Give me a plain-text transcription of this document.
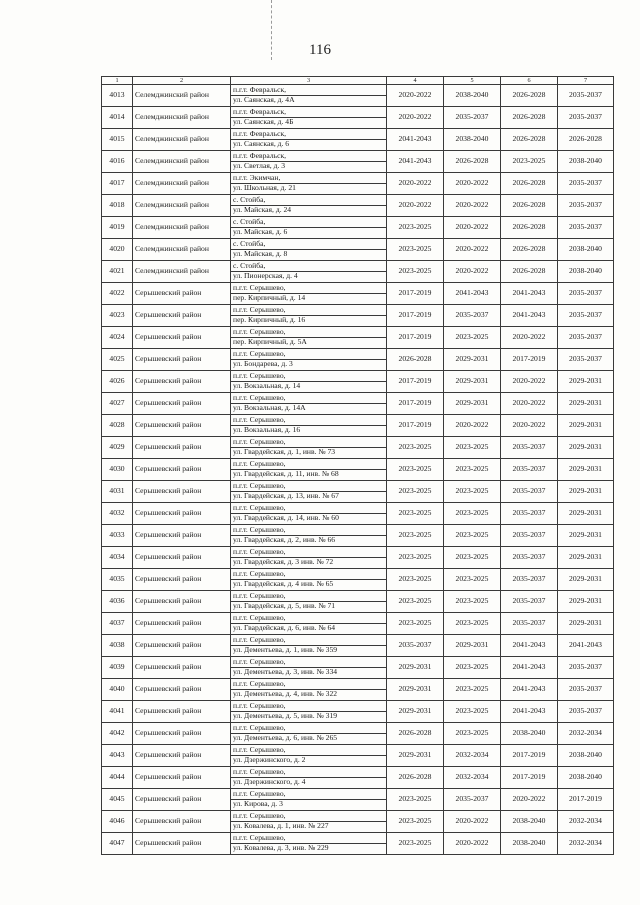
116
1	2	3	4	5	6	7
4013	Селемджинский район	п.г.т. Февральск,
ул. Саянская, д. 4А	2020-2022	2038-2040	2026-2028	2035-2037
4014	Селемджинский район	п.г.т. Февральск,
ул. Саянская, д. 4Б	2020-2022	2035-2037	2026-2028	2035-2037
4015	Селемджинский район	п.г.т. Февральск,
ул. Саянская, д. 6	2041-2043	2038-2040	2026-2028	2026-2028
4016	Селемджинский район	п.г.т. Февральск,
ул. Светлая, д. 3	2041-2043	2026-2028	2023-2025	2038-2040
4017	Селемджинский район	п.г.т. Экимчан,
ул. Школьная, д. 21	2020-2022	2020-2022	2026-2028	2035-2037
4018	Селемджинский район	с. Стойба,
ул. Майская, д. 24	2020-2022	2020-2022	2026-2028	2035-2037
4019	Селемджинский район	с. Стойба,
ул. Майская, д. 6	2023-2025	2020-2022	2026-2028	2035-2037
4020	Селемджинский район	с. Стойба,
ул. Майская, д. 8	2023-2025	2020-2022	2026-2028	2038-2040
4021	Селемджинский район	с. Стойба,
ул. Пионерская, д. 4	2023-2025	2020-2022	2026-2028	2038-2040
4022	Серышевский район	п.г.т. Серышево,
пер. Кирпичный, д. 14	2017-2019	2041-2043	2041-2043	2035-2037
4023	Серышевский район	п.г.т. Серышево,
пер. Кирпичный, д. 16	2017-2019	2035-2037	2041-2043	2035-2037
4024	Серышевский район	п.г.т. Серышево,
пер. Кирпичный, д. 5А	2017-2019	2023-2025	2020-2022	2035-2037
4025	Серышевский район	п.г.т. Серышево,
ул. Бондарева, д. 3	2026-2028	2029-2031	2017-2019	2035-2037
4026	Серышевский район	п.г.т. Серышево,
ул. Вокзальная, д. 14	2017-2019	2029-2031	2020-2022	2029-2031
4027	Серышевский район	п.г.т. Серышево,
ул. Вокзальная, д. 14А	2017-2019	2029-2031	2020-2022	2029-2031
4028	Серышевский район	п.г.т. Серышево,
ул. Вокзальная, д. 16	2017-2019	2020-2022	2020-2022	2029-2031
4029	Серышевский район	п.г.т. Серышево,
ул. Гвардейская, д. 1, инв. № 73	2023-2025	2023-2025	2035-2037	2029-2031
4030	Серышевский район	п.г.т. Серышево,
ул. Гвардейская, д. 11, инв. № 68	2023-2025	2023-2025	2035-2037	2029-2031
4031	Серышевский район	п.г.т. Серышево,
ул. Гвардейская, д. 13, инв. № 67	2023-2025	2023-2025	2035-2037	2029-2031
4032	Серышевский район	п.г.т. Серышево,
ул. Гвардейская, д. 14, инв. № 60	2023-2025	2023-2025	2035-2037	2029-2031
4033	Серышевский район	п.г.т. Серышево,
ул. Гвардейская, д. 2, инв. № 66	2023-2025	2023-2025	2035-2037	2029-2031
4034	Серышевский район	п.г.т. Серышево,
ул. Гвардейская, д. 3 инв. № 72	2023-2025	2023-2025	2035-2037	2029-2031
4035	Серышевский район	п.г.т. Серышево,
ул. Гвардейская, д. 4 инв. № 65	2023-2025	2023-2025	2035-2037	2029-2031
4036	Серышевский район	п.г.т. Серышево,
ул. Гвардейская, д. 5, инв. № 71	2023-2025	2023-2025	2035-2037	2029-2031
4037	Серышевский район	п.г.т. Серышево,
ул. Гвардейская, д. 6, инв. № 64	2023-2025	2023-2025	2035-2037	2029-2031
4038	Серышевский район	п.г.т. Серышево,
ул. Дементьева, д. 1, инв. № 359	2035-2037	2029-2031	2041-2043	2041-2043
4039	Серышевский район	п.г.т. Серышево,
ул. Дементьева, д. 3, инв. № 334	2029-2031	2023-2025	2041-2043	2035-2037
4040	Серышевский район	п.г.т. Серышево,
ул. Дементьева, д. 4, инв. № 322	2029-2031	2023-2025	2041-2043	2035-2037
4041	Серышевский район	п.г.т. Серышево,
ул. Дементьева, д. 5, инв. № 319	2029-2031	2023-2025	2041-2043	2035-2037
4042	Серышевский район	п.г.т. Серышево,
ул. Дементьева, д. 6, инв. № 265	2026-2028	2023-2025	2038-2040	2032-2034
4043	Серышевский район	п.г.т. Серышево,
ул. Дзержинского, д. 2	2029-2031	2032-2034	2017-2019	2038-2040
4044	Серышевский район	п.г.т. Серышево,
ул. Дзержинского, д. 4	2026-2028	2032-2034	2017-2019	2038-2040
4045	Серышевский район	п.г.т. Серышево,
ул. Кирова, д. 3	2023-2025	2035-2037	2020-2022	2017-2019
4046	Серышевский район	п.г.т. Серышево,
ул. Ковалева, д. 1, инв. № 227	2023-2025	2020-2022	2038-2040	2032-2034
4047	Серышевский район	п.г.т. Серышево,
ул. Ковалева, д. 3, инв. № 229	2023-2025	2020-2022	2038-2040	2032-2034
